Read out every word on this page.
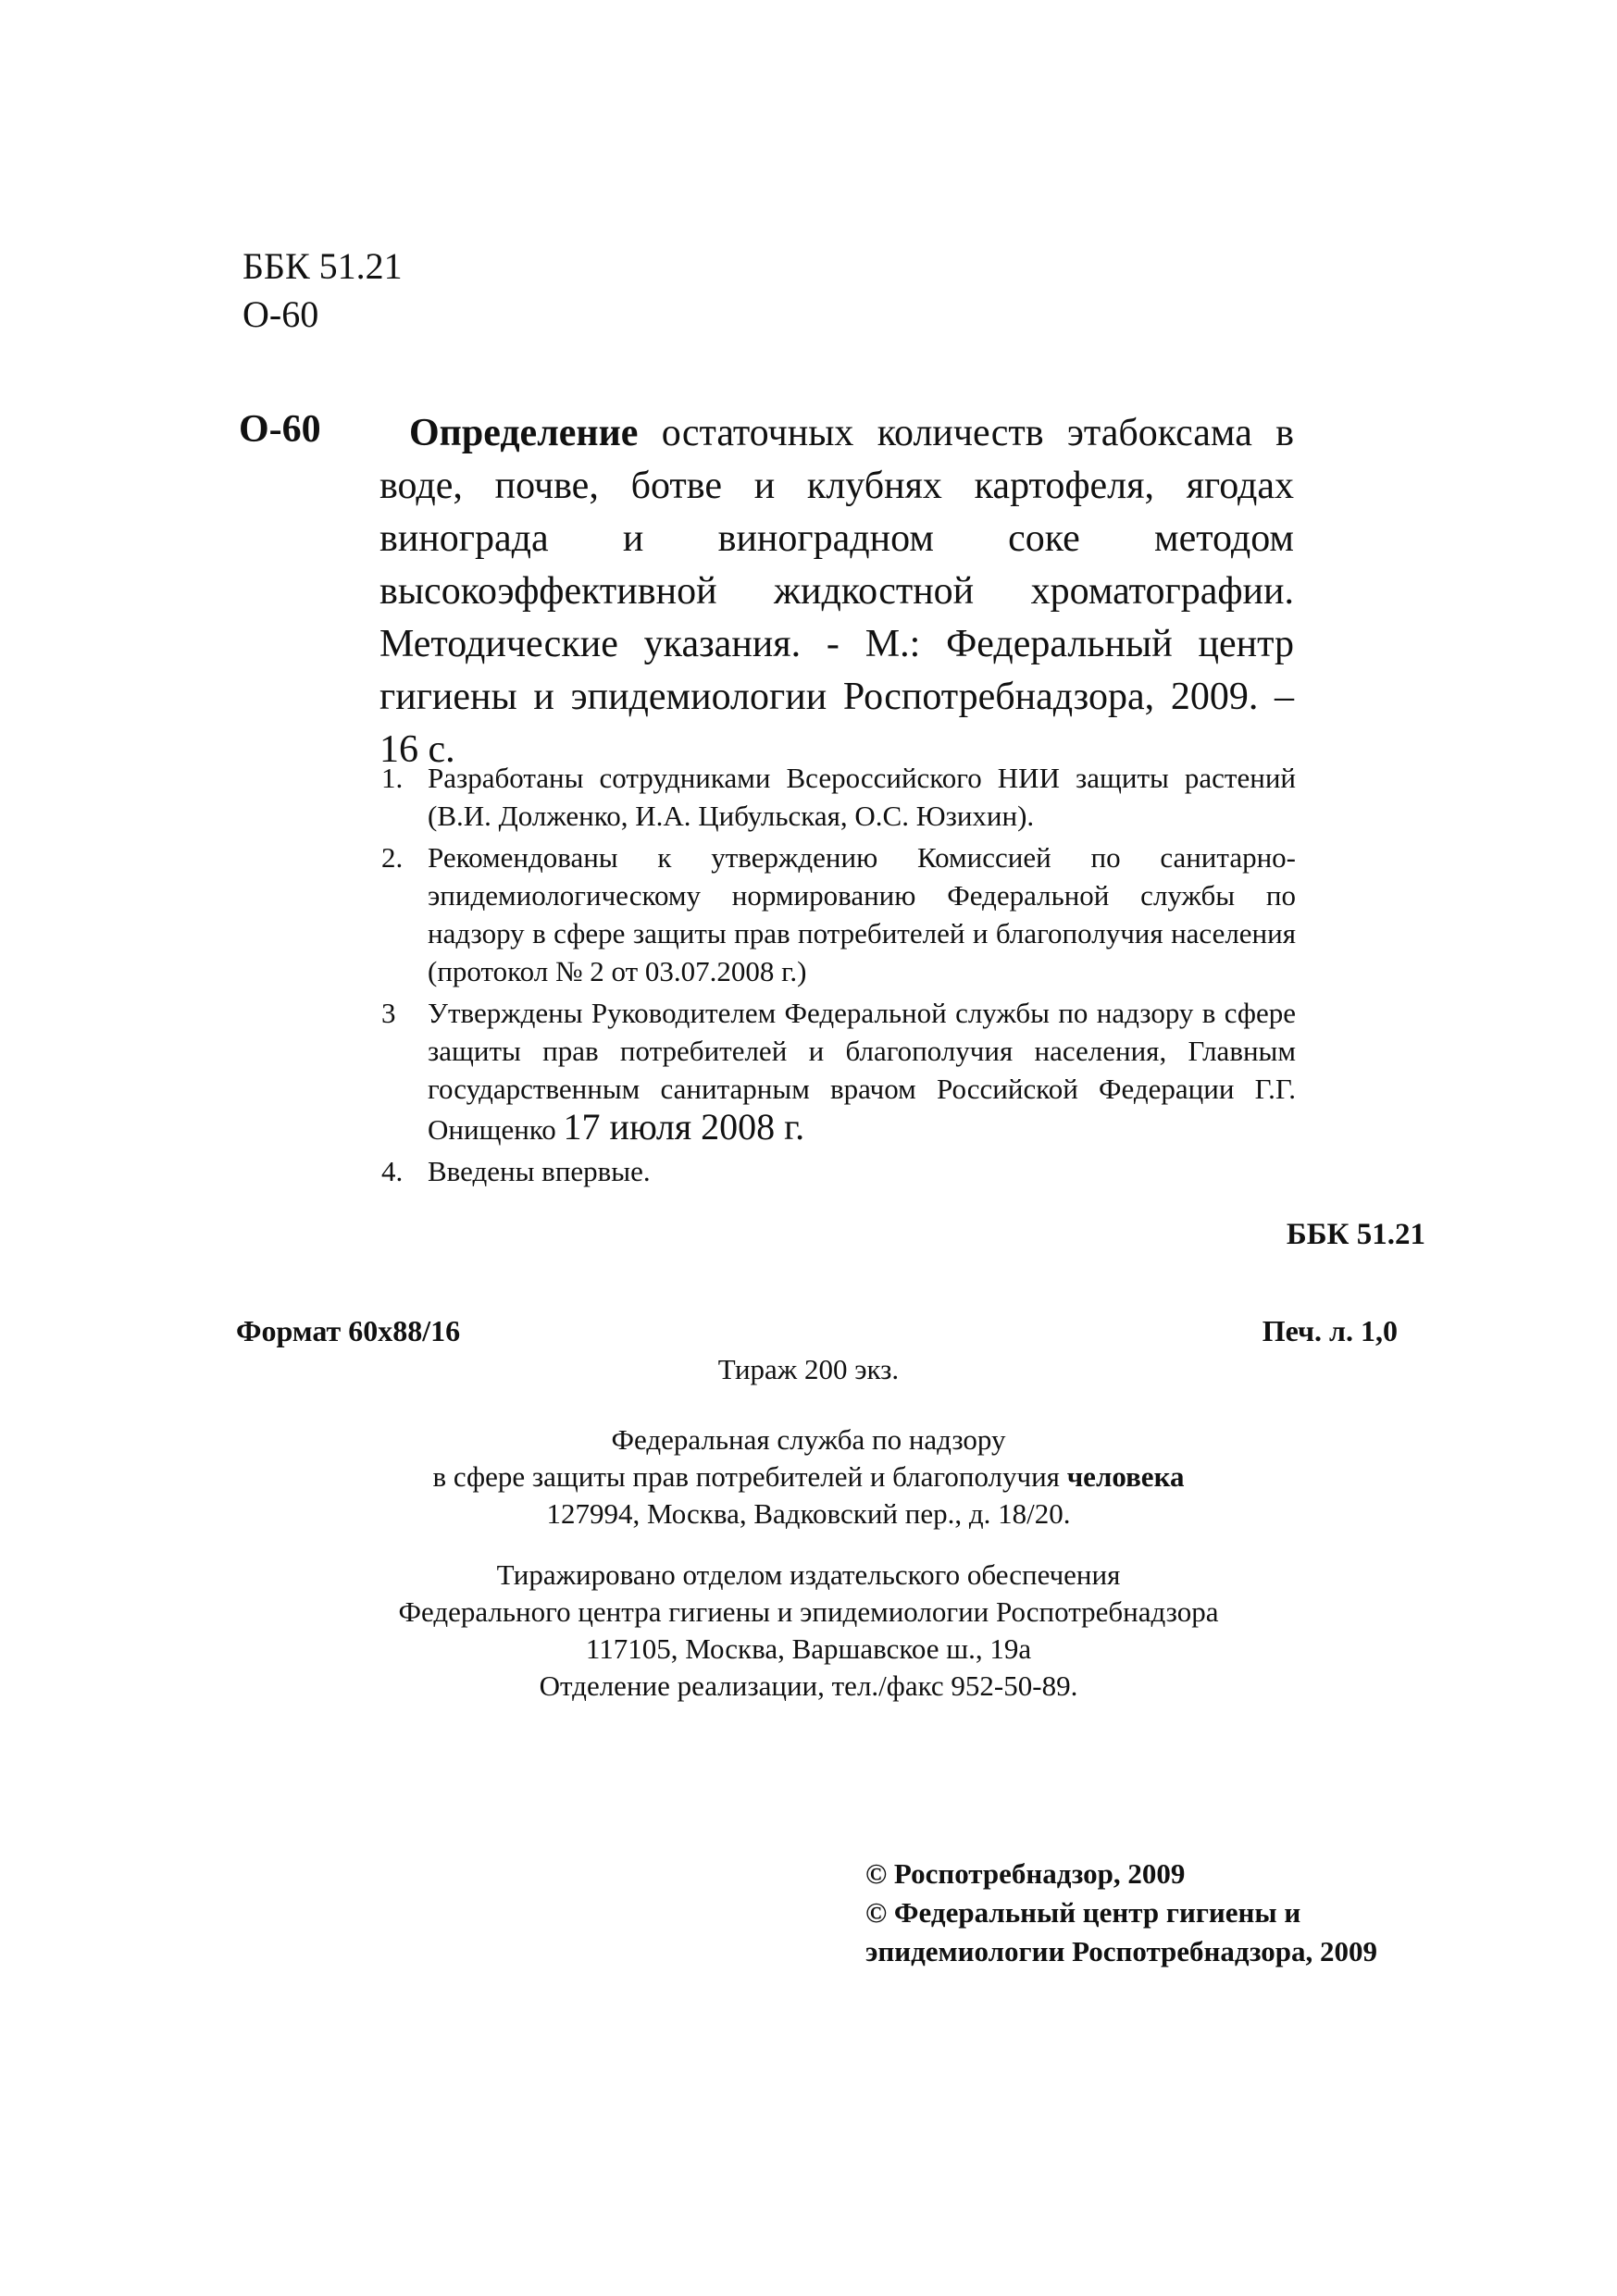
ББК 51.21
О-60
О-60	Определение остаточных количеств этабоксама в воде, почве, ботве и клубнях картофеля, ягодах винограда и виноградном соке методом высокоэффективной жидкостной хроматографии. Методические указания. - М.: Федеральный центр гигиены и эпидемиологии Роспотребнадзора, 2009. – 16 с.
1. Разработаны сотрудниками Всероссийского НИИ защиты растений (В.И. Долженко, И.А. Цибульская, О.С. Юзихин).
2. Рекомендованы к утверждению Комиссией по санитарно-эпидемиологическому нормированию Федеральной службы по надзору в сфере защиты прав потребителей и благополучия населения (протокол № 2 от 03.07.2008 г.)
3 Утверждены Руководителем Федеральной службы по надзору в сфере защиты прав потребителей и благополучия населения, Главным государственным санитарным врачом Российской Федерации Г.Г. Онищенко 17 июля 2008 г.
4. Введены впервые.
ББК 51.21
Формат 60х88/16	Печ. л. 1,0
Тираж 200 экз.
Федеральная служба по надзору
в сфере защиты прав потребителей и благополучия человека
127994, Москва, Вадковский пер., д. 18/20.
Тиражировано отделом издательского обеспечения
Федерального центра гигиены и эпидемиологии Роспотребнадзора
117105, Москва, Варшавское ш., 19а
Отделение реализации, тел./факс 952-50-89.
© Роспотребнадзор, 2009
© Федеральный центр гигиены и
эпидемиологии Роспотребнадзора, 2009
